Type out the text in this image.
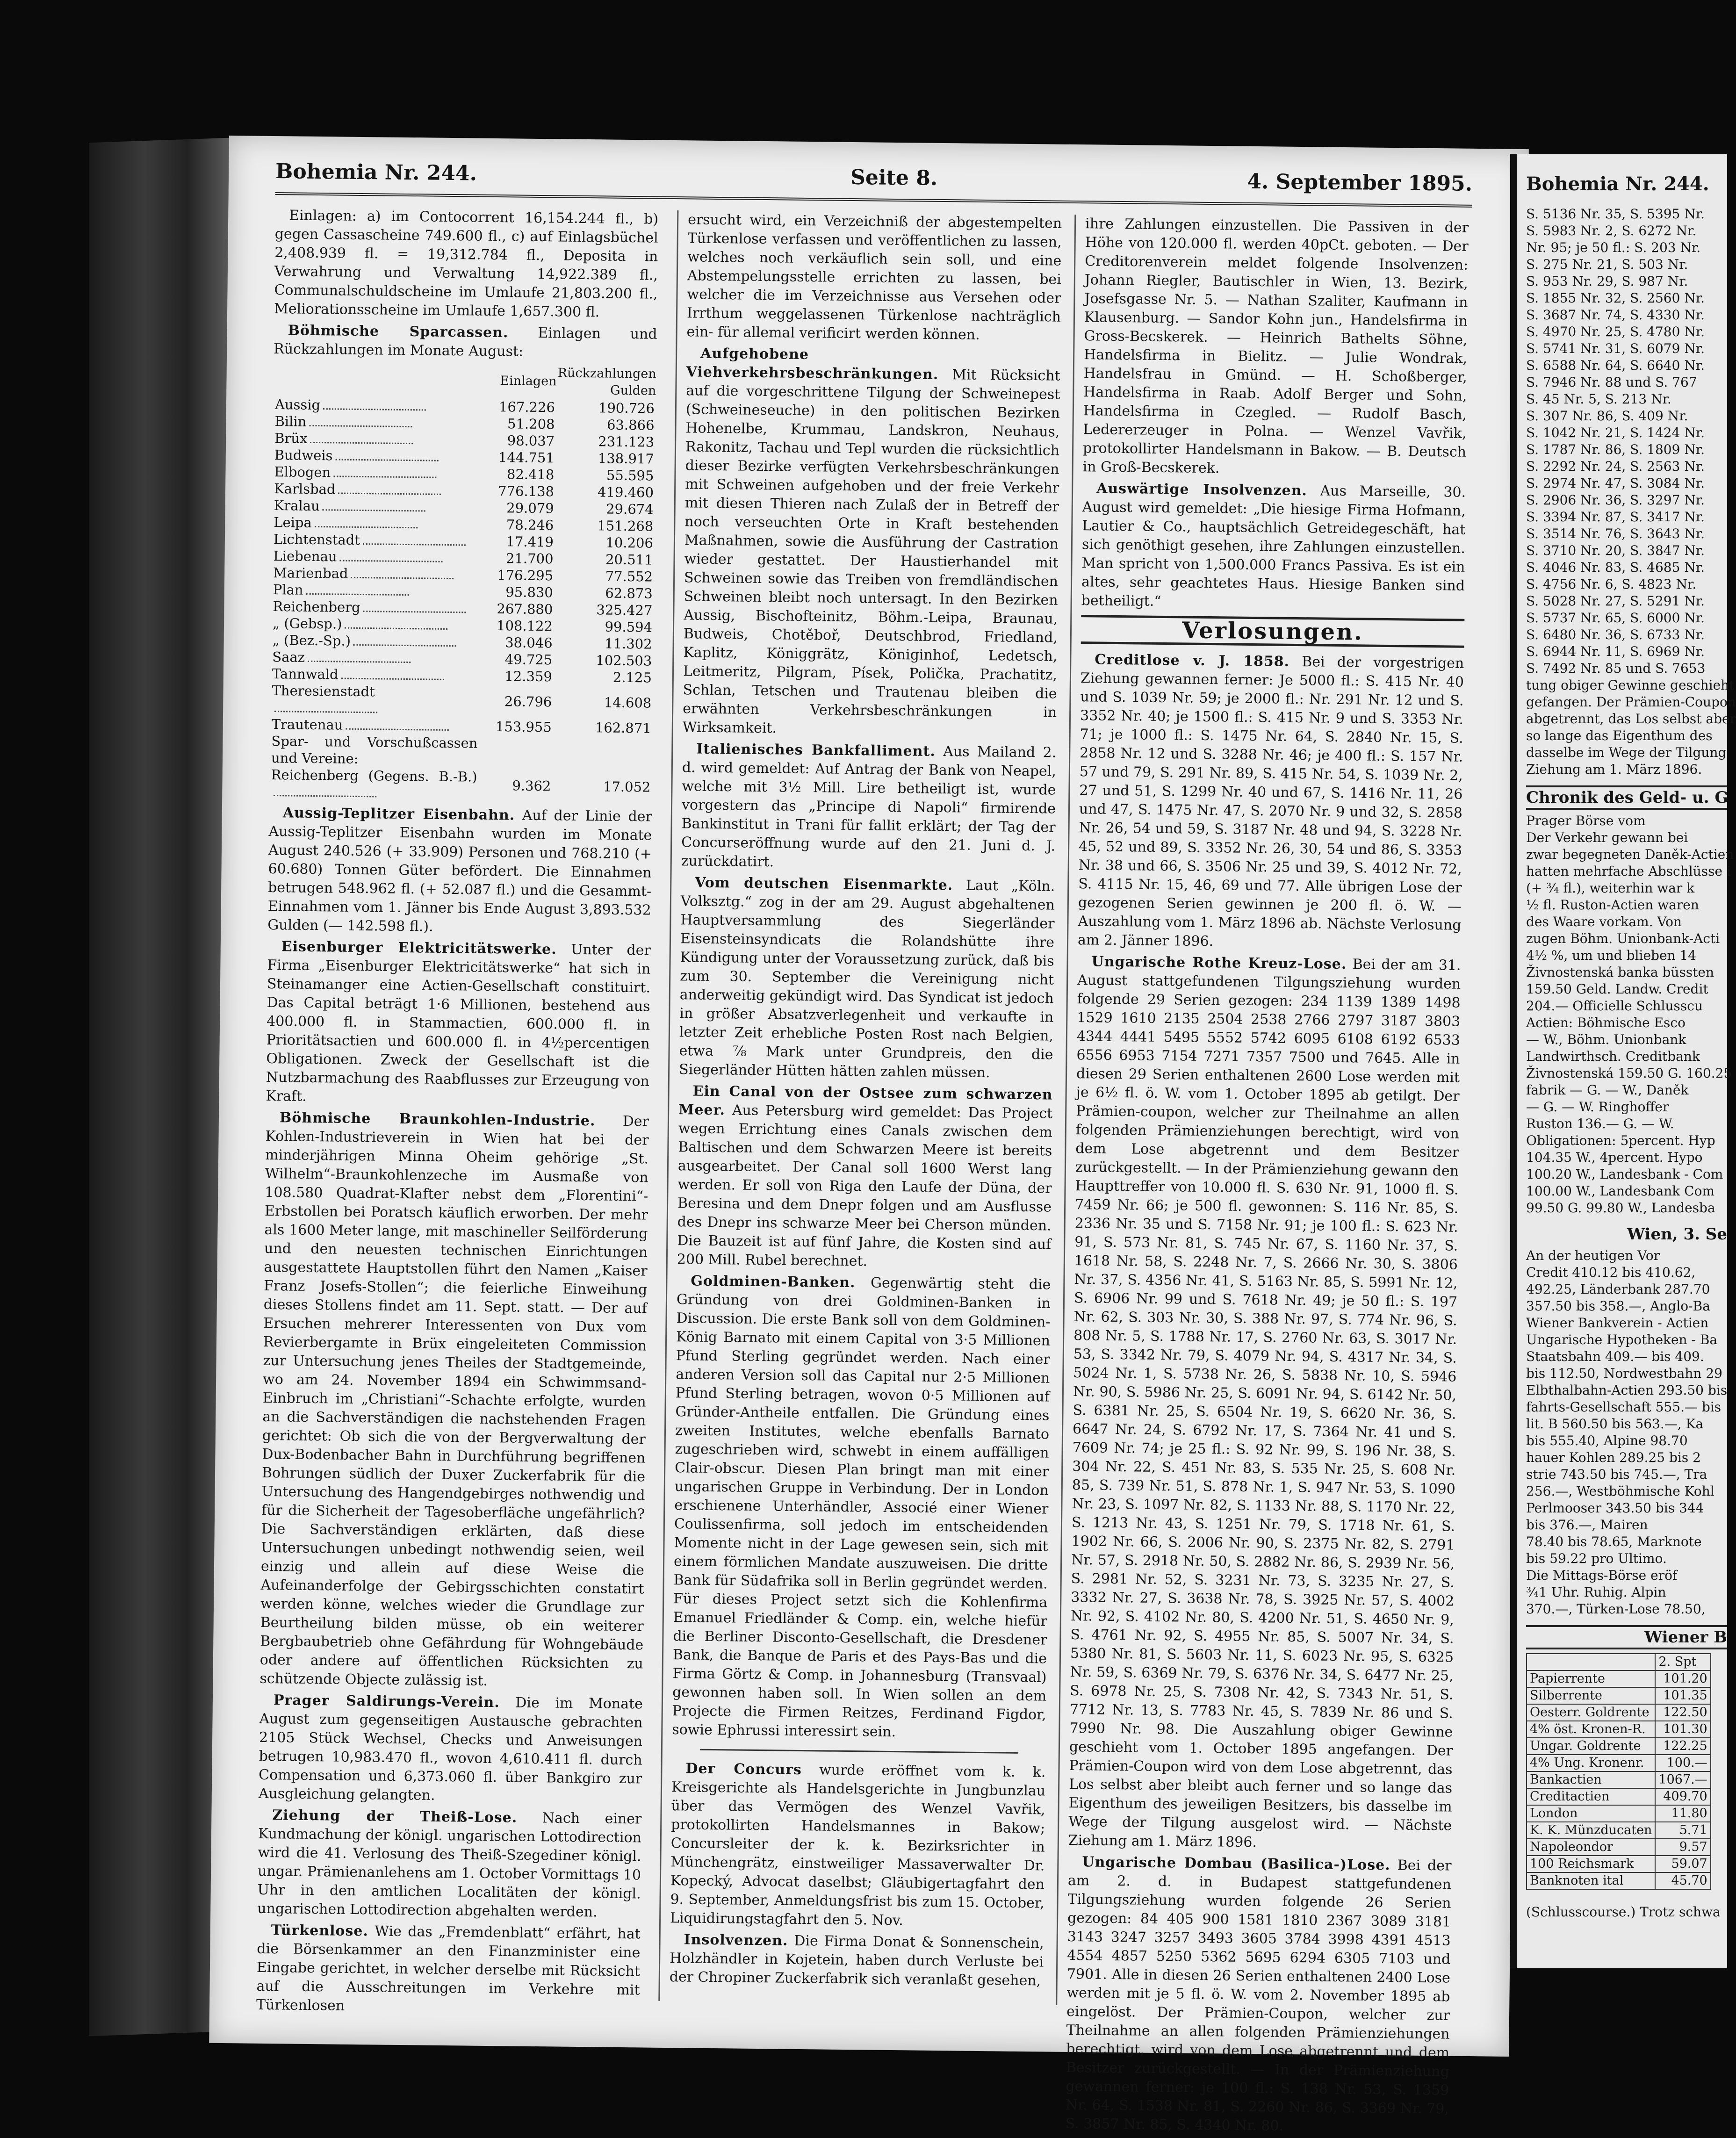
Bohemia Nr. 244.	Seite 8.	4. September 1895.

Einlagen: a) im Contocorrent 16,154.244 fl., b) gegen Cassascheine 749.600 fl., c) auf Einlagsbüchel 2,408.939 fl. = 19,312.784 fl., Deposita in Verwahrung und Verwaltung 14,922.389 fl., Communalschuldscheine im Umlaufe 21,803.200 fl., Meliorationsscheine im Umlaufe 1,657.300 fl.

Böhmische Sparcassen. Einlagen und Rückzahlungen im Monate August:

	Einlagen	Rückzahlungen Gulden
Aussig	167.226	190.726
Bilin	51.208	63.866
Brüx	98.037	231.123
Budweis	144.751	138.917
Elbogen	82.418	55.595
Karlsbad	776.138	419.460
Kralau	29.079	29.674
Leipa	78.246	151.268
Lichtenstadt	17.419	10.206
Liebenau	21.700	20.511
Marienbad	176.295	77.552
Plan	95.830	62.873
Reichenberg	267.880	325.427
„ (Gebsp.)	108.122	99.594
„ (Bez.-Sp.)	38.046	11.302
Saaz	49.725	102.503
Tannwald	12.359	2.125
Theresienstadt	26.796	14.608
Trautenau	153.955	162.871
Spar- und Vorschußcassen und Vereine:		
Reichenberg (Gegens. B.-B.)	9.362	17.052

Aussig-Teplitzer Eisenbahn. Auf der Linie der Aussig-Teplitzer Eisenbahn wurden im Monate August 240.526 (+ 33.909) Personen und 768.210 (+ 60.680) Tonnen Güter befördert. Die Einnahmen betrugen 548.962 fl. (+ 52.087 fl.) und die Gesammt-Einnahmen vom 1. Jänner bis Ende August 3,893.532 Gulden (— 142.598 fl.).

Eisenburger Elektricitätswerke. Unter der Firma „Eisenburger Elektricitätswerke“ hat sich in Steinamanger eine Actien-Gesellschaft constituirt. Das Capital beträgt 1·6 Millionen, bestehend aus 400.000 fl. in Stammactien, 600.000 fl. in Prioritätsactien und 600.000 fl. in 4½percentigen Obligationen. Zweck der Gesellschaft ist die Nutzbarmachung des Raabflusses zur Erzeugung von Kraft.

Böhmische Braunkohlen-Industrie. Der Kohlen-Industrieverein in Wien hat bei der minderjährigen Minna Oheim gehörige „St. Wilhelm“-Braunkohlenzeche im Ausmaße von 108.580 Quadrat-Klafter nebst dem „Florentini“-Erbstollen bei Poratsch käuflich erworben. Der mehr als 1600 Meter lange, mit maschineller Seilförderung und den neuesten technischen Einrichtungen ausgestattete Hauptstollen führt den Namen „Kaiser Franz Josefs-Stollen“; die feierliche Einweihung dieses Stollens findet am 11. Sept. statt. — Der auf Ersuchen mehrerer Interessenten von Dux vom Revierbergamte in Brüx eingeleiteten Commission zur Untersuchung jenes Theiles der Stadtgemeinde, wo am 24. November 1894 ein Schwimmsand-Einbruch im „Christiani“-Schachte erfolgte, wurden an die Sachverständigen die nachstehenden Fragen gerichtet: Ob sich die von der Bergverwaltung der Dux-Bodenbacher Bahn in Durchführung begriffenen Bohrungen südlich der Duxer Zuckerfabrik für die Untersuchung des Hangendgebirges nothwendig und für die Sicherheit der Tagesoberfläche ungefährlich? Die Sachverständigen erklärten, daß diese Untersuchungen unbedingt nothwendig seien, weil einzig und allein auf diese Weise die Aufeinanderfolge der Gebirgsschichten constatirt werden könne, welches wieder die Grundlage zur Beurtheilung bilden müsse, ob ein weiterer Bergbaubetrieb ohne Gefährdung für Wohngebäude oder andere auf öffentlichen Rücksichten zu schützende Objecte zulässig ist.

Prager Saldirungs-Verein. Die im Monate August zum gegenseitigen Austausche gebrachten 2105 Stück Wechsel, Checks und Anweisungen betrugen 10,983.470 fl., wovon 4,610.411 fl. durch Compensation und 6,373.060 fl. über Bankgiro zur Ausgleichung gelangten.

Ziehung der Theiß-Lose. Nach einer Kundmachung der königl. ungarischen Lottodirection wird die 41. Verlosung des Theiß-Szegediner königl. ungar. Prämienanlehens am 1. October Vormittags 10 Uhr in den amtlichen Localitäten der königl. ungarischen Lottodirection abgehalten werden.

Türkenlose. Wie das „Fremdenblatt“ erfährt, hat die Börsenkammer an den Finanzminister eine Eingabe gerichtet, in welcher derselbe mit Rücksicht auf die Ausschreitungen im Verkehre mit Türkenlosen

ersucht wird, ein Verzeichniß der abgestempelten Türkenlose verfassen und veröffentlichen zu lassen, welches noch verkäuflich sein soll, und eine Abstempelungsstelle errichten zu lassen, bei welcher die im Verzeichnisse aus Versehen oder Irrthum weggelassenen Türkenlose nachträglich ein- für allemal verificirt werden können.

Aufgehobene Viehverkehrsbeschränkungen. Mit Rücksicht auf die vorgeschrittene Tilgung der Schweinepest (Schweineseuche) in den politischen Bezirken Hohenelbe, Krummau, Landskron, Neuhaus, Rakonitz, Tachau und Tepl wurden die rücksichtlich dieser Bezirke verfügten Verkehrsbeschränkungen mit Schweinen aufgehoben und der freie Verkehr mit diesen Thieren nach Zulaß der in Betreff der noch verseuchten Orte in Kraft bestehenden Maßnahmen, sowie die Ausführung der Castration wieder gestattet. Der Haustierhandel mit Schweinen sowie das Treiben von fremdländischen Schweinen bleibt noch untersagt. In den Bezirken Aussig, Bischofteinitz, Böhm.-Leipa, Braunau, Budweis, Chotěboř, Deutschbrod, Friedland, Kaplitz, Königgrätz, Königinhof, Ledetsch, Leitmeritz, Pilgram, Písek, Polička, Prachatitz, Schlan, Tetschen und Trautenau bleiben die erwähnten Verkehrsbeschränkungen in Wirksamkeit.

Italienisches Bankfalliment. Aus Mailand 2. d. wird gemeldet: Auf Antrag der Bank von Neapel, welche mit 3½ Mill. Lire betheiligt ist, wurde vorgestern das „Principe di Napoli“ firmirende Bankinstitut in Trani für fallit erklärt; der Tag der Concurseröffnung wurde auf den 21. Juni d. J. zurückdatirt.

Vom deutschen Eisenmarkte. Laut „Köln. Volksztg.“ zog in der am 29. August abgehaltenen Hauptversammlung des Siegerländer Eisensteinsyndicats die Rolandshütte ihre Kündigung unter der Voraussetzung zurück, daß bis zum 30. September die Vereinigung nicht anderweitig gekündigt wird. Das Syndicat ist jedoch in größer Absatzverlegenheit und verkaufte in letzter Zeit erhebliche Posten Rost nach Belgien, etwa ⅞ Mark unter Grundpreis, den die Siegerländer Hütten hätten zahlen müssen.

Ein Canal von der Ostsee zum schwarzen Meer. Aus Petersburg wird gemeldet: Das Project wegen Errichtung eines Canals zwischen dem Baltischen und dem Schwarzen Meere ist bereits ausgearbeitet. Der Canal soll 1600 Werst lang werden. Er soll von Riga den Laufe der Düna, der Beresina und dem Dnepr folgen und am Ausflusse des Dnepr ins schwarze Meer bei Cherson münden. Die Bauzeit ist auf fünf Jahre, die Kosten sind auf 200 Mill. Rubel berechnet.

Goldminen-Banken. Gegenwärtig steht die Gründung von drei Goldminen-Banken in Discussion. Die erste Bank soll von dem Goldminen-König Barnato mit einem Capital von 3·5 Millionen Pfund Sterling gegründet werden. Nach einer anderen Version soll das Capital nur 2·5 Millionen Pfund Sterling betragen, wovon 0·5 Millionen auf Gründer-Antheile entfallen. Die Gründung eines zweiten Institutes, welche ebenfalls Barnato zugeschrieben wird, schwebt in einem auffälligen Clair-obscur. Diesen Plan bringt man mit einer ungarischen Gruppe in Verbindung. Der in London erschienene Unterhändler, Associé einer Wiener Coulissenfirma, soll jedoch im entscheidenden Momente nicht in der Lage gewesen sein, sich mit einem förmlichen Mandate auszuweisen. Die dritte Bank für Südafrika soll in Berlin gegründet werden. Für dieses Project setzt sich die Kohlenfirma Emanuel Friedländer & Comp. ein, welche hiefür die Berliner Disconto-Gesellschaft, die Dresdener Bank, die Banque de Paris et des Pays-Bas und die Firma Görtz & Comp. in Johannesburg (Transvaal) gewonnen haben soll. In Wien sollen an dem Projecte die Firmen Reitzes, Ferdinand Figdor, sowie Ephrussi interessirt sein.

Der Concurs wurde eröffnet vom k. k. Kreisgerichte als Handelsgerichte in Jungbunzlau über das Vermögen des Wenzel Vavřik, protokollirten Handelsmannes in Bakow; Concursleiter der k. k. Bezirksrichter in Münchengrätz, einstweiliger Massaverwalter Dr. Kopecký, Advocat daselbst; Gläubigertagfahrt den 9. September, Anmeldungsfrist bis zum 15. October, Liquidirungstagfahrt den 5. Nov.

Insolvenzen. Die Firma Donat & Sonnenschein, Holzhändler in Kojetein, haben durch Verluste bei der Chropiner Zuckerfabrik sich veranlaßt gesehen,

ihre Zahlungen einzustellen. Die Passiven in der Höhe von 120.000 fl. werden 40pCt. geboten. — Der Creditorenverein meldet folgende Insolvenzen: Johann Riegler, Bautischler in Wien, 13. Bezirk, Josefsgasse Nr. 5. — Nathan Szaliter, Kaufmann in Klausenburg. — Sandor Kohn jun., Handelsfirma in Gross-Becskerek. — Heinrich Bathelts Söhne, Handelsfirma in Bielitz. — Julie Wondrak, Handelsfrau in Gmünd. — H. Schoßberger, Handelsfirma in Raab. Adolf Berger und Sohn, Handelsfirma in Czegled. — Rudolf Basch, Ledererzeuger in Polna. — Wenzel Vavřik, protokollirter Handelsmann in Bakow. — B. Deutsch in Groß-Becskerek.

Auswärtige Insolvenzen. Aus Marseille, 30. August wird gemeldet: „Die hiesige Firma Hofmann, Lautier & Co., hauptsächlich Getreidegeschäft, hat sich genöthigt gesehen, ihre Zahlungen einzustellen. Man spricht von 1,500.000 Francs Passiva. Es ist ein altes, sehr geachtetes Haus. Hiesige Banken sind betheiligt.“

Verlosungen.

Creditlose v. J. 1858. Bei der vorgestrigen Ziehung gewannen ferner: Je 5000 fl.: S. 415 Nr. 40 und S. 1039 Nr. 59; je 2000 fl.: Nr. 291 Nr. 12 und S. 3352 Nr. 40; je 1500 fl.: S. 415 Nr. 9 und S. 3353 Nr. 71; je 1000 fl.: S. 1475 Nr. 64, S. 2840 Nr. 15, S. 2858 Nr. 12 und S. 3288 Nr. 46; je 400 fl.: S. 157 Nr. 57 und 79, S. 291 Nr. 89, S. 415 Nr. 54, S. 1039 Nr. 2, 27 und 51, S. 1299 Nr. 40 und 67, S. 1416 Nr. 11, 26 und 47, S. 1475 Nr. 47, S. 2070 Nr. 9 und 32, S. 2858 Nr. 26, 54 und 59, S. 3187 Nr. 48 und 94, S. 3228 Nr. 45, 52 und 89, S. 3352 Nr. 26, 30, 54 und 86, S. 3353 Nr. 38 und 66, S. 3506 Nr. 25 und 39, S. 4012 Nr. 72, S. 4115 Nr. 15, 46, 69 und 77. Alle übrigen Lose der gezogenen Serien gewinnen je 200 fl. ö. W. — Auszahlung vom 1. März 1896 ab. Nächste Verlosung am 2. Jänner 1896.

Ungarische Rothe Kreuz-Lose. Bei der am 31. August stattgefundenen Tilgungsziehung wurden folgende 29 Serien gezogen: 234 1139 1389 1498 1529 1610 2135 2504 2538 2766 2797 3187 3803 4344 4441 5495 5552 5742 6095 6108 6192 6533 6556 6953 7154 7271 7357 7500 und 7645. Alle in diesen 29 Serien enthaltenen 2600 Lose werden mit je 6½ fl. ö. W. vom 1. October 1895 ab getilgt. Der Prämien-coupon, welcher zur Theilnahme an allen folgenden Prämienziehungen berechtigt, wird von dem Lose abgetrennt und dem Besitzer zurückgestellt. — In der Prämienziehung gewann den Haupttreffer von 10.000 fl. S. 630 Nr. 91, 1000 fl. S. 7459 Nr. 66; je 500 fl. gewonnen: S. 116 Nr. 85, S. 2336 Nr. 35 und S. 7158 Nr. 91; je 100 fl.: S. 623 Nr. 91, S. 573 Nr. 81, S. 745 Nr. 67, S. 1160 Nr. 37, S. 1618 Nr. 58, S. 2248 Nr. 7, S. 2666 Nr. 30, S. 3806 Nr. 37, S. 4356 Nr. 41, S. 5163 Nr. 85, S. 5991 Nr. 12, S. 6906 Nr. 99 und S. 7618 Nr. 49; je 50 fl.: S. 197 Nr. 62, S. 303 Nr. 30, S. 388 Nr. 97, S. 774 Nr. 96, S. 808 Nr. 5, S. 1788 Nr. 17, S. 2760 Nr. 63, S. 3017 Nr. 53, S. 3342 Nr. 79, S. 4079 Nr. 94, S. 4317 Nr. 34, S. 5024 Nr. 1, S. 5738 Nr. 26, S. 5838 Nr. 10, S. 5946 Nr. 90, S. 5986 Nr. 25, S. 6091 Nr. 94, S. 6142 Nr. 50, S. 6381 Nr. 25, S. 6504 Nr. 19, S. 6620 Nr. 36, S. 6647 Nr. 24, S. 6792 Nr. 17, S. 7364 Nr. 41 und S. 7609 Nr. 74; je 25 fl.: S. 92 Nr. 99, S. 196 Nr. 38, S. 304 Nr. 22, S. 451 Nr. 83, S. 535 Nr. 25, S. 608 Nr. 85, S. 739 Nr. 51, S. 878 Nr. 1, S. 947 Nr. 53, S. 1090 Nr. 23, S. 1097 Nr. 82, S. 1133 Nr. 88, S. 1170 Nr. 22, S. 1213 Nr. 43, S. 1251 Nr. 79, S. 1718 Nr. 61, S. 1902 Nr. 66, S. 2006 Nr. 90, S. 2375 Nr. 82, S. 2791 Nr. 57, S. 2918 Nr. 50, S. 2882 Nr. 86, S. 2939 Nr. 56, S. 2981 Nr. 52, S. 3231 Nr. 73, S. 3235 Nr. 27, S. 3332 Nr. 27, S. 3638 Nr. 78, S. 3925 Nr. 57, S. 4002 Nr. 92, S. 4102 Nr. 80, S. 4200 Nr. 51, S. 4650 Nr. 9, S. 4761 Nr. 92, S. 4955 Nr. 85, S. 5007 Nr. 34, S. 5380 Nr. 81, S. 5603 Nr. 11, S. 6023 Nr. 95, S. 6325 Nr. 59, S. 6369 Nr. 79, S. 6376 Nr. 34, S. 6477 Nr. 25, S. 6978 Nr. 25, S. 7308 Nr. 42, S. 7343 Nr. 51, S. 7712 Nr. 13, S. 7783 Nr. 45, S. 7839 Nr. 86 und S. 7990 Nr. 98. Die Auszahlung obiger Gewinne geschieht vom 1. October 1895 angefangen. Der Prämien-Coupon wird von dem Lose abgetrennt, das Los selbst aber bleibt auch ferner und so lange das Eigenthum des jeweiligen Besitzers, bis dasselbe im Wege der Tilgung ausgelost wird. — Nächste Ziehung am 1. März 1896.

Ungarische Dombau (Basilica-)Lose. Bei der am 2. d. in Budapest stattgefundenen Tilgungsziehung wurden folgende 26 Serien gezogen: 84 405 900 1581 1810 2367 3089 3181 3143 3247 3257 3493 3605 3784 3998 4391 4513 4554 4857 5250 5362 5695 6294 6305 7103 und 7901. Alle in diesen 26 Serien enthaltenen 2400 Lose werden mit je 5 fl. ö. W. vom 2. November 1895 ab eingelöst. Der Prämien-Coupon, welcher zur Theilnahme an allen folgenden Prämienziehungen berechtigt, wird von dem Lose abgetrennt und dem Besitzer zurückgestellt. — In der Prämienziehung gewannen ferner: je 100 fl.: S. 138 Nr. 53, S. 1359 Nr. 64, S. 1538 Nr. 81, S. 2260 Nr. 86, S. 3369 Nr. 79, S. 3857 Nr. 85, S. 4340 Nr. 80.

Bohemia Nr. 244.
S. 5136 Nr. 35, S. 5395 Nr.
S. 5983 Nr. 2, S. 6272 Nr.
Nr. 95; je 50 fl.: S. 203 Nr.
S. 275 Nr. 21, S. 503 Nr.
S. 953 Nr. 29, S. 987 Nr.
S. 1855 Nr. 32, S. 2560 Nr.
S. 3687 Nr. 74, S. 4330 Nr.
S. 4970 Nr. 25, S. 4780 Nr.
S. 5741 Nr. 31, S. 6079 Nr.
S. 6588 Nr. 64, S. 6640 Nr.
S. 7946 Nr. 88 und S. 767
S. 45 Nr. 5, S. 213 Nr.
S. 307 Nr. 86, S. 409 Nr.
S. 1042 Nr. 21, S. 1424 Nr.
S. 1787 Nr. 86, S. 1809 Nr.
S. 2292 Nr. 24, S. 2563 Nr.
S. 2974 Nr. 47, S. 3084 Nr.
S. 2906 Nr. 36, S. 3297 Nr.
S. 3394 Nr. 87, S. 3417 Nr.
S. 3514 Nr. 76, S. 3643 Nr.
S. 3710 Nr. 20, S. 3847 Nr.
S. 4046 Nr. 83, S. 4685 Nr.
S. 4756 Nr. 6, S. 4823 Nr.
S. 5028 Nr. 27, S. 5291 Nr.
S. 5737 Nr. 65, S. 6000 Nr.
S. 6480 Nr. 36, S. 6733 Nr.
S. 6944 Nr. 11, S. 6969 Nr.
S. 7492 Nr. 85 und S. 7653
tung obiger Gewinne geschieht
gefangen. Der Prämien-Coupon
abgetrennt, das Los selbst aber
so lange das Eigenthum des
dasselbe im Wege der Tilgung
Ziehung am 1. März 1896.
Chronik des Geld- u. G
Prager Börse vom
Der Verkehr gewann bei
zwar begegneten Daněk-Actien
hatten mehrfache Abschlüsse i
(+ ¾ fl.), weiterhin war k
½ fl. Ruston-Actien waren
des Waare vorkam. Von
zugen Böhm. Unionbank-Acti
4½ %, um und blieben 14
Živnostenská banka büssten
159.50 Geld. Landw. Credit
204.— Officielle Schlusscu
Actien: Böhmische Esco
— W., Böhm. Unionbank
Landwirthsch. Creditbank
Živnostenská 159.50 G. 160.25
fabrik — G. — W., Daněk
— G. — W. Ringhoffer
Ruston 136.— G. — W.
Obligationen: 5percent. Hyp
104.35 W., 4percent. Hypo
100.20 W., Landesbank - Com
100.00 W., Landesbank Com
99.50 G. 99.80 W., Landesba
Wien, 3. Se
An der heutigen Vor
Credit 410.12 bis 410.62,
492.25, Länderbank 287.70
357.50 bis 358.—, Anglo-Ba
Wiener Bankverein - Actien
Ungarische Hypotheken - Ba
Staatsbahn 409.— bis 409.
bis 112.50, Nordwestbahn 29
Elbthalbahn-Actien 293.50 bis
fahrts-Gesellschaft 555.— bis
lit. B 560.50 bis 563.—, Ka
bis 555.40, Alpine 98.70
hauer Kohlen 289.25 bis 2
strie 743.50 bis 745.—, Tra
256.—, Westböhmische Kohl
Perlmooser 343.50 bis 344
bis 376.—, Mairen
78.40 bis 78.65, Marknote
bis 59.22 pro Ultimo.
Die Mittags-Börse eröf
¾1 Uhr. Ruhig. Alpin
370.—, Türken-Lose 78.50,
Wiener B
	2. Spt
Papierrente	101.20
Silberrente	101.35
Oesterr. Goldrente	122.50
4% öst. Kronen-R.	101.30
Ungar. Goldrente	122.25
4% Ung. Kronenr.	100.—
Bankactien	1067.—
Creditactien	409.70
London	11.80
K. K. Münzducaten	5.71
Napoleondor	9.57
100 Reichsmark	59.07
Banknoten ital	45.70
(Schlusscourse.) Trotz schwa
